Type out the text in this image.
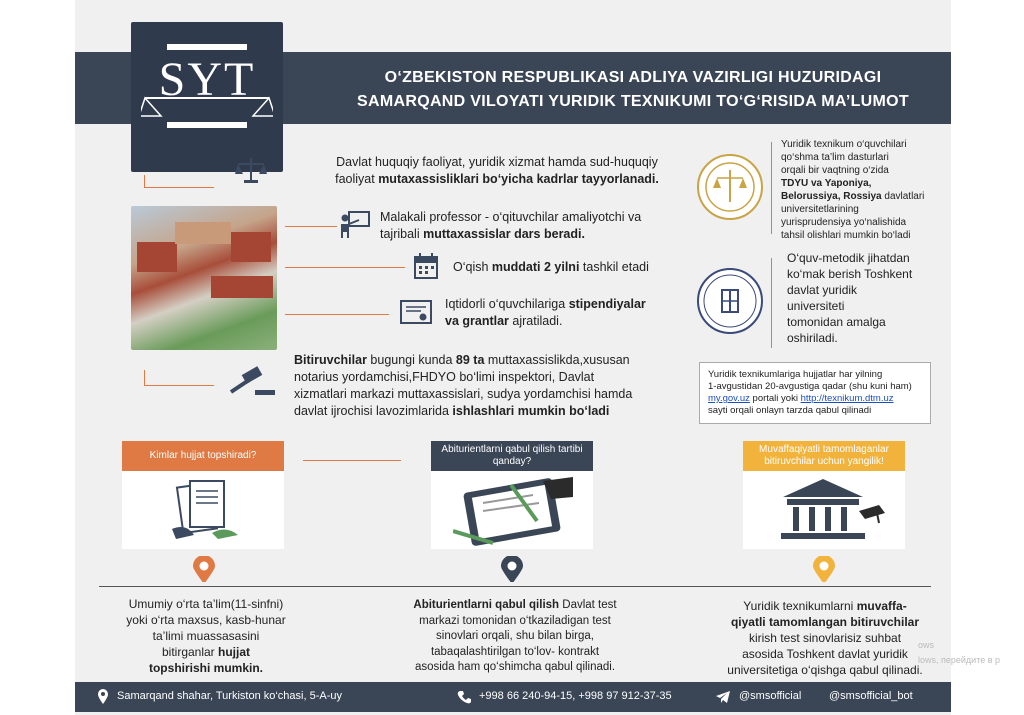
O‘ZBEKISTON RESPUBLIKASI ADLIYA VAZIRLIGI HUZURIDAGI
SAMARQAND VILOYATI YURIDIK TEXNIKUMI TO‘G‘RISIDA MA’LUMOT
SYT
Davlat huquqiy faoliyat, yuridik xizmat hamda sud-huquqiy
faoliyat mutaxassisliklari bo‘yicha kadrlar tayyorlanadi.
Malakali professor - o‘qituvchilar amaliyotchi va
tajribali muttaxassislar dars beradi.
O‘qish muddati 2 yilni tashkil etadi
Iqtidorli o‘quvchilariga stipendiyalar
va grantlar ajratiladi.
Bitiruvchilar bugungi kunda 89 ta muttaxassislikda,xususan
notarius yordamchisi,FHDYO bo‘limi inspektori, Davlat
xizmatlari markazi muttaxassislari, sudya yordamchisi hamda
davlat ijrochisi lavozimlarida ishlashlari mumkin bo‘ladi
Yuridik texnikum o‘quvchilari
qo‘shma ta’lim dasturlari
orqali bir vaqtning o‘zida
TDYU va Yaponiya,
Belorussiya, Rossiya davlatlari
universitetlarining
yurisprudensiya yo‘nalishida
tahsil olishlari mumkin bo‘ladi
O‘quv-metodik jihatdan
ko‘mak berish Toshkent
davlat yuridik
universiteti
tomonidan amalga
oshiriladi.
Yuridik texnikumlariga hujjatlar har yilning
1-avgustidan 20-avgustiga qadar (shu kuni ham)
my.gov.uz portali yoki http://texnikum.dtm.uz
sayti orqali onlayn tarzda qabul qilinadi
Kimlar hujjat topshiradi?
Abiturientlarni qabul qilish tartibi qanday?
Muvaffaqiyatli tamomlaganlar bitiruvchilar uchun yangilik!
Umumiy o‘rta ta’lim(11-sinfni)
yoki o‘rta maxsus, kasb-hunar
ta’limi muassasasini
bitirganlar hujjat
topshirishi mumkin.
Abiturientlarni qabul qilish Davlat test
markazi tomonidan o‘tkaziladigan test
sinovlari orqali, shu bilan birga,
tabaqalashtirilgan to‘lov- kontrakt
asosida ham qo‘shimcha qabul qilinadi.
Yuridik texnikumlarni muvaffa-
qiyatli tamomlangan bitiruvchilar
kirish test sinovlarisiz suhbat
asosida Toshkent davlat yuridik
universitetiga o‘qishga qabul qilinadi.
Samarqand shahar, Turkiston ko‘chasi, 5-A-uy	+998 66 240-94-15, +998 97 912-37-35	@smsofficial	@smsofficial_bot
ows
lows, перейдите в р
